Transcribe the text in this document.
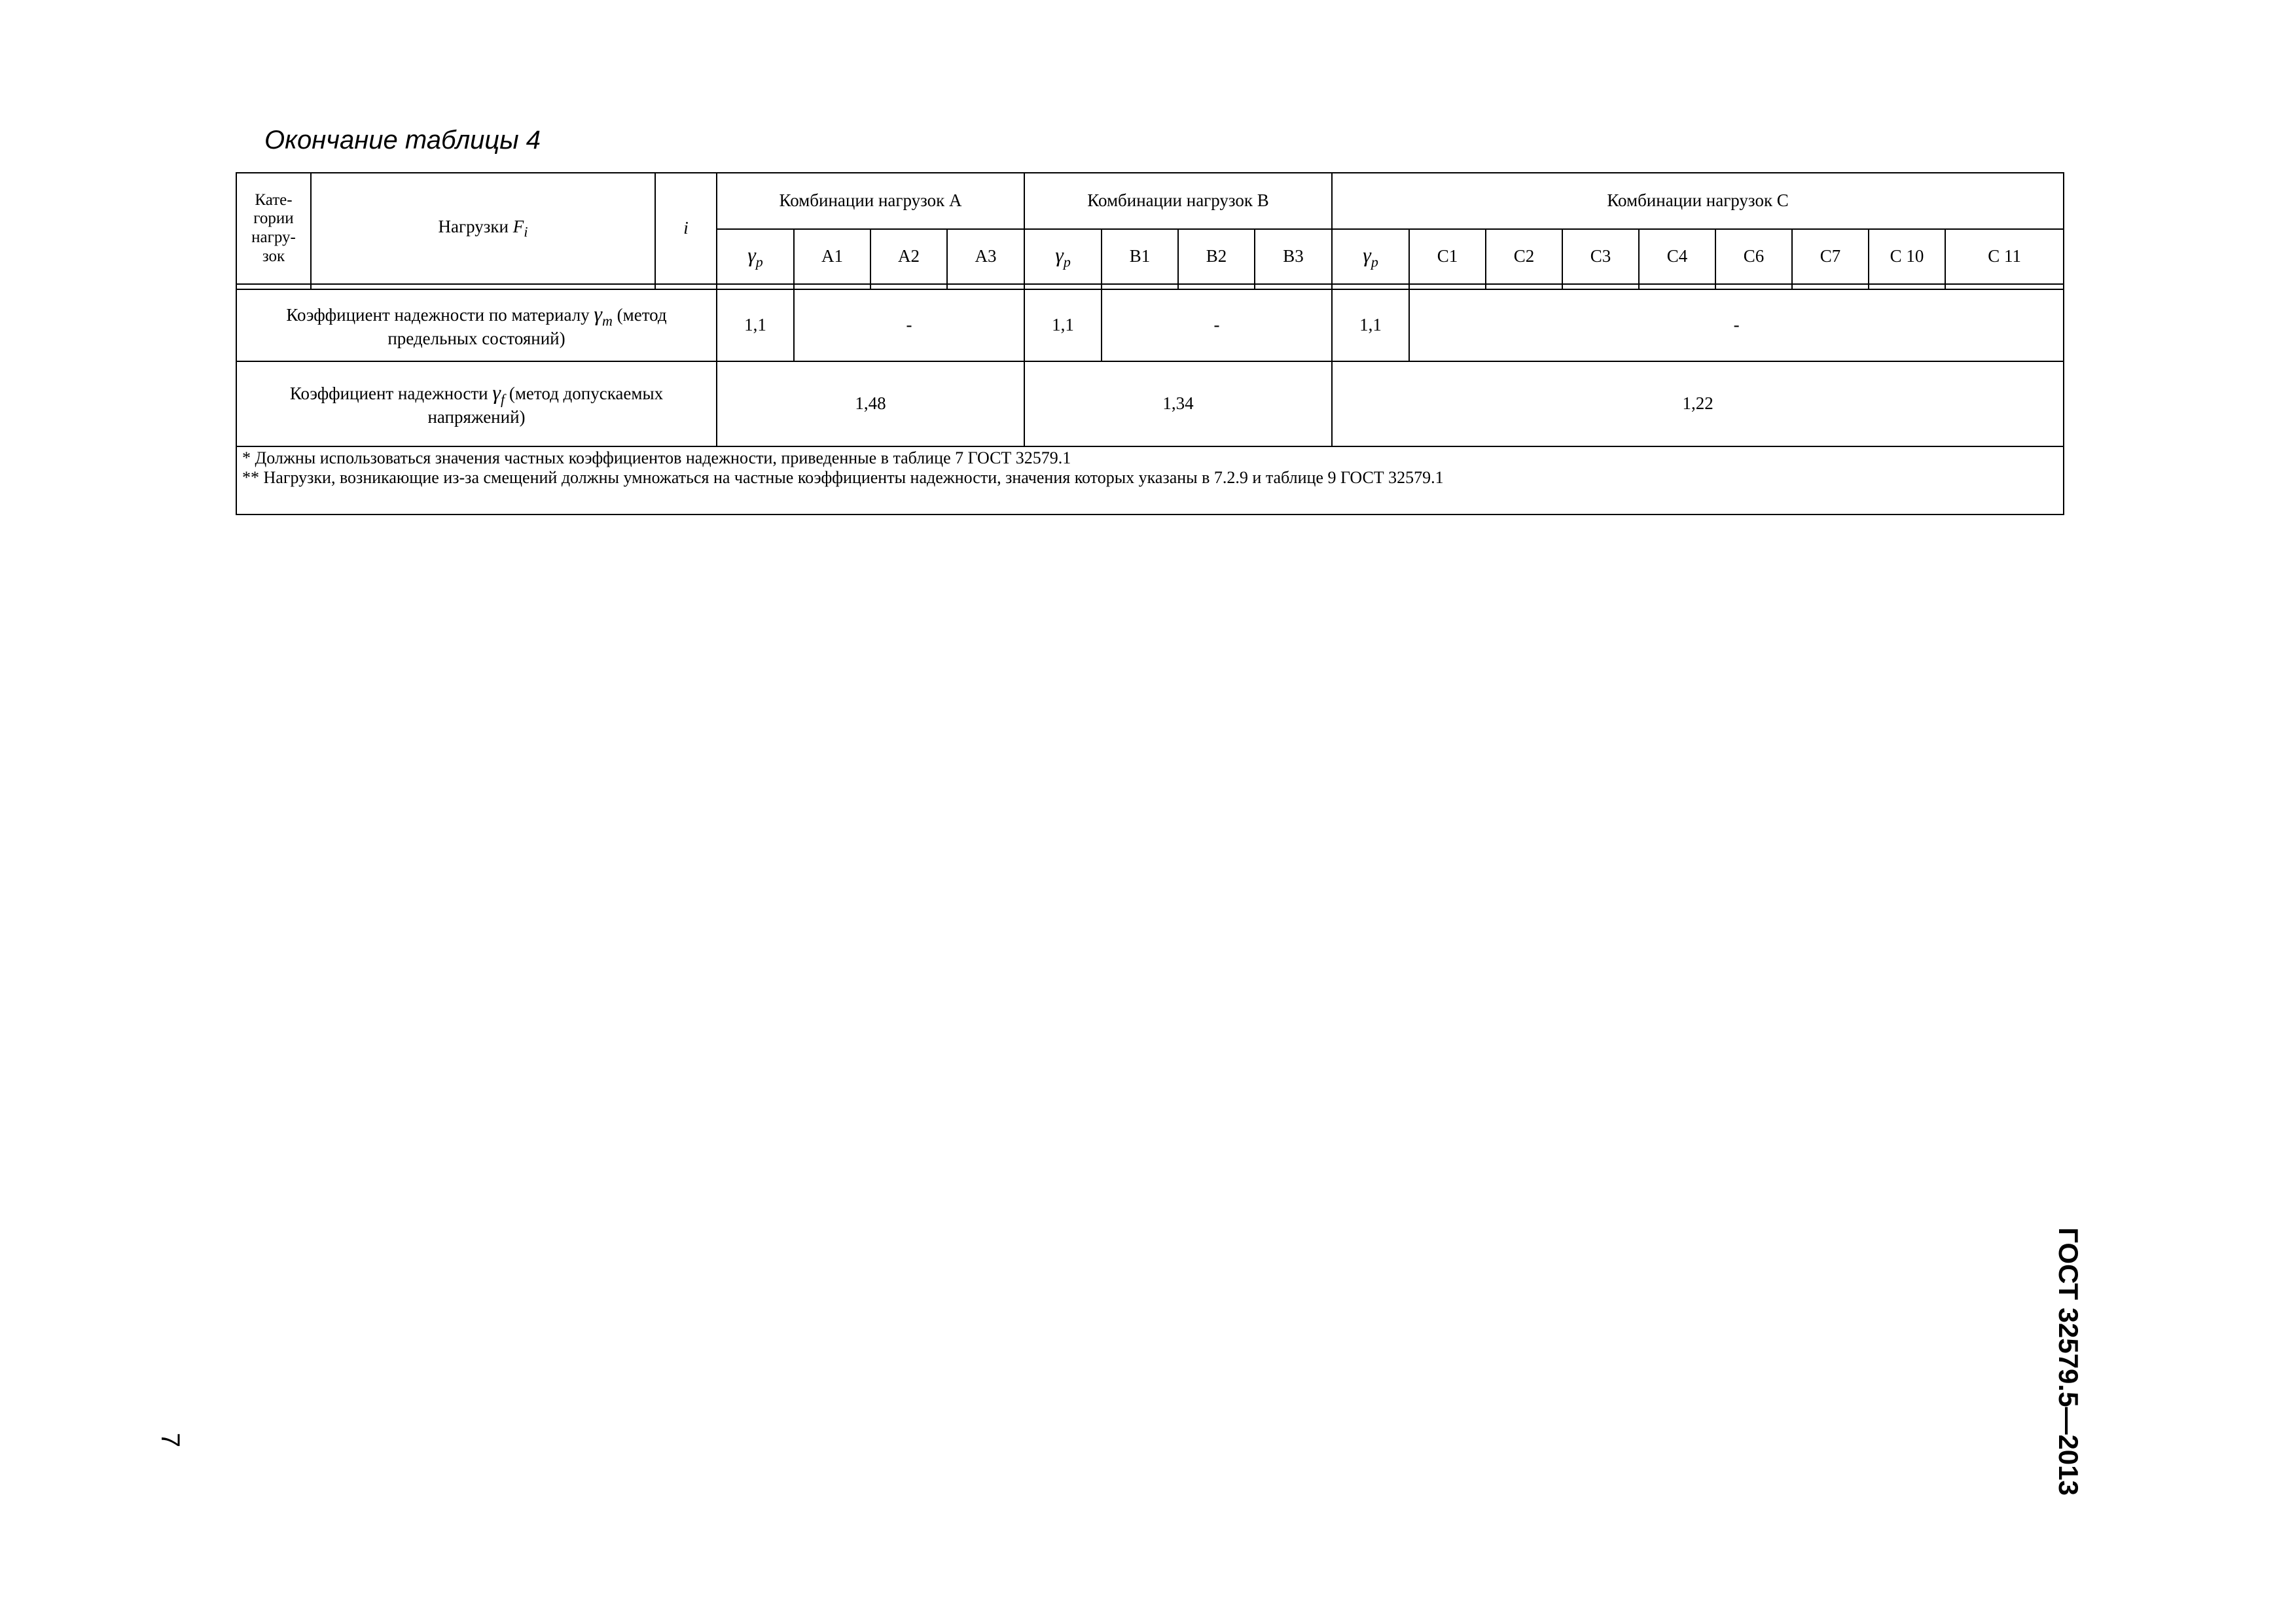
Окончание таблицы 4
Кате-
гории
нагру-
зок	Нагрузки $F_i$	i	Комбинации нагрузок A				Комбинации нагрузок B				Комбинации нагрузок C								
			$\gamma_p$	A1	A2	A3	$\gamma_p$	B1	B2	B3	$\gamma_p$	C1	C2	C3	C4	C6	C7	C 10	C 11

Коэффициент надежности по материалу $\gamma_m$ (метод предельных состояний)			1,1	-			1,1	-			1,1	-							
Коэффициент надежности $\gamma_f$ (метод допускаемых напряжений)			1,48				1,34				1,22								

* Должны использоваться значения частных коэффициентов надежности, приведенные в таблице 7 ГОСТ 32579.1
** Нагрузки, возникающие из-за смещений должны умножаться на частные коэффициенты надежности, значения которых указаны в 7.2.9 и таблице 9 ГОСТ 32579.1																			
7	ГОСТ 32579.5—2013
